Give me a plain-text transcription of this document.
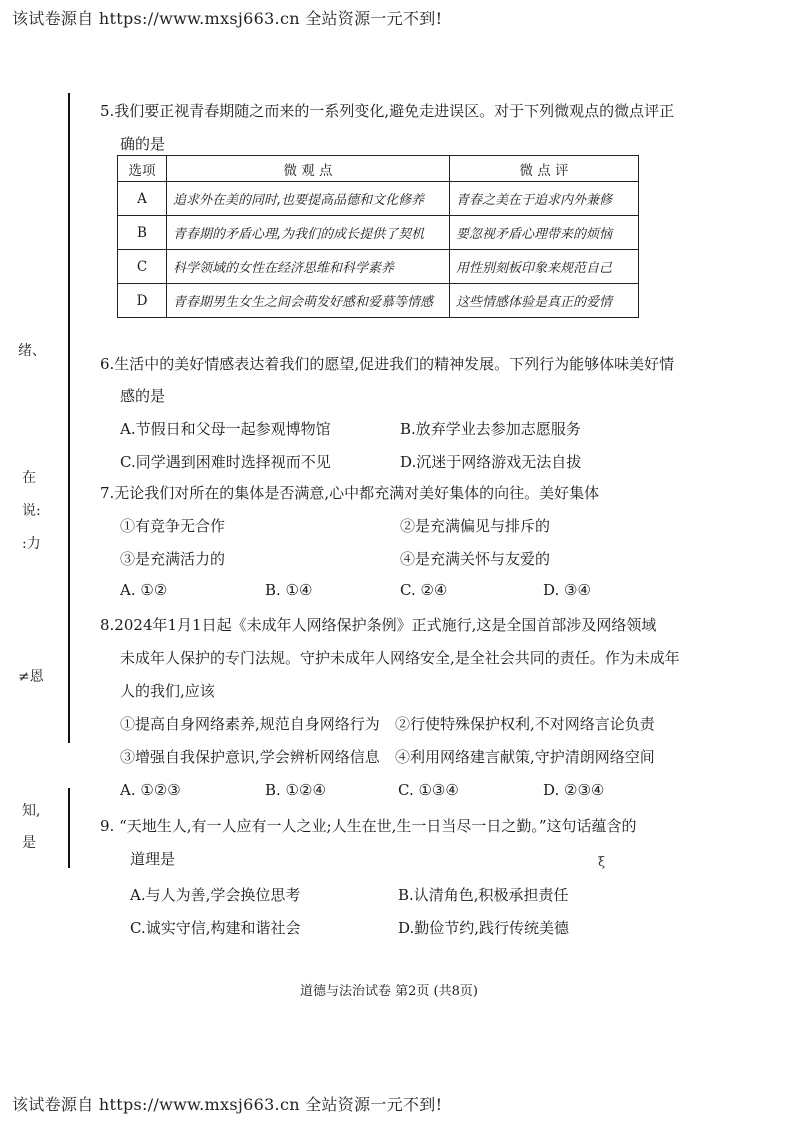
该试卷源自 https://www.mxsj663.cn 全站资源一元不到!
绪、
在
说:
:力
≠恩
知,
是
5.我们要正视青春期随之而来的一系列变化,避免走进误区。对于下列微观点的微点评正
确的是
选项	微 观 点	微 点 评
A	追求外在美的同时,也要提高品德和文化修养	青春之美在于追求内外兼修
B	青春期的矛盾心理,为我们的成长提供了契机	要忽视矛盾心理带来的烦恼
C	科学领域的女性在经济思维和科学素养	用性别刻板印象来规范自己
D	青春期男生女生之间会萌发好感和爱慕等情感	这些情感体验是真正的爱情
6.生活中的美好情感表达着我们的愿望,促进我们的精神发展。下列行为能够体味美好情
感的是
A.节假日和父母一起参观博物馆	B.放弃学业去参加志愿服务
C.同学遇到困难时选择视而不见	D.沉迷于网络游戏无法自拔
7.无论我们对所在的集体是否满意,心中都充满对美好集体的向往。美好集体
①有竞争无合作	②是充满偏见与排斥的
③是充满活力的	④是充满关怀与友爱的
A. ①②	B. ①④	C. ②④	D. ③④
8.2024年1月1日起《未成年人网络保护条例》正式施行,这是全国首部涉及网络领域
未成年人保护的专门法规。守护未成年人网络安全,是全社会共同的责任。作为未成年
人的我们,应该
①提高自身网络素养,规范自身网络行为 ②行使特殊保护权利,不对网络言论负责
③增强自我保护意识,学会辨析网络信息 ④利用网络建言献策,守护清朗网络空间
A. ①②③	B. ①②④	C. ①③④	D. ②③④
9. “天地生人,有一人应有一人之业;人生在世,生一日当尽一日之勤。”这句话蕴含的
道理是	ξ
A.与人为善,学会换位思考	B.认清角色,积极承担责任
C.诚实守信,构建和谐社会	D.勤俭节约,践行传统美德
道德与法治试卷 第2页 (共8页)
该试卷源自 https://www.mxsj663.cn 全站资源一元不到!
